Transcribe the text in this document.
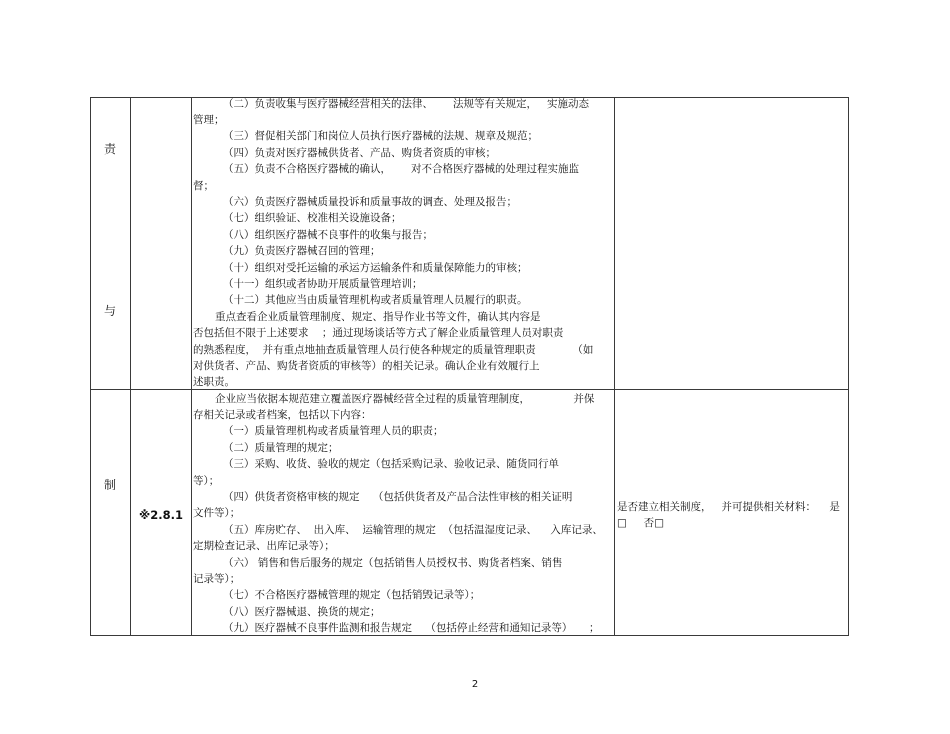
责
与
制
（二）负责收集与医疗器械经营相关的法律、      法规等有关规定，   实施动态
管理；
（三）督促相关部门和岗位人员执行医疗器械的法规、规章及规范；
（四）负责对医疗器械供货者、产品、购货者资质的审核；
（五）负责不合格医疗器械的确认，      对不合格医疗器械的处理过程实施监
督；
（六）负责医疗器械质量投诉和质量事故的调查、处理及报告；
（七）组织验证、校准相关设施设备；
（八）组织医疗器械不良事件的收集与报告；
（九）负责医疗器械召回的管理；
（十）组织对受托运输的承运方运输条件和质量保障能力的审核；
（十一）组织或者协助开展质量管理培训；
（十二）其他应当由质量管理机构或者质量管理人员履行的职责。
重点查看企业质量管理制度、规定、指导作业书等文件，确认其内容是
否包括但不限于上述要求    ；通过现场谈话等方式了解企业质量管理人员对职责
的熟悉程度，  并有重点地抽查质量管理人员行使各种规定的质量管理职责           （如
对供货者、产品、购货者资质的审核等）的相关记录。确认企业有效履行上
述职责。
※2.8.1
企业应当依据本规范建立覆盖医疗器械经营全过程的质量管理制度，             并保
存相关记录或者档案，包括以下内容：
（一）质量管理机构或者质量管理人员的职责；
（二）质量管理的规定；
（三）采购、收货、验收的规定（包括采购记录、验收记录、随货同行单
等）；
（四）供货者资格审核的规定    （包括供货者及产品合法性审核的相关证明
文件等）；
（五）库房贮存、  出入库、  运输管理的规定  （包括温湿度记录、    入库记录、
定期检查记录、出库记录等）；
（六） 销售和售后服务的规定（包括销售人员授权书、购货者档案、销售
记录等）；
（七）不合格医疗器械管理的规定（包括销毁记录等）；
（八）医疗器械退、换货的规定；
（九）医疗器械不良事件监测和报告规定    （包括停止经营和通知记录等）     ；
是否建立相关制度，   并可提供相关材料：    是
□     否□
2
